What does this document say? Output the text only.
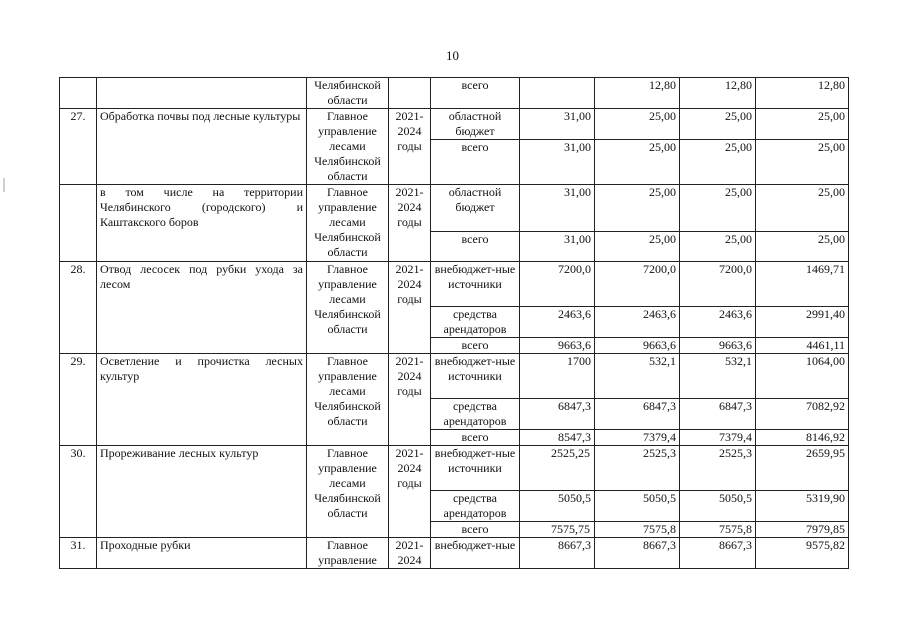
10
		Челябинской области		всего		12,80	12,80	12,80
27.	Обработка почвы под лесные культуры	Главное управление лесами Челябинской области	2021-2024 годы	областной бюджет	31,00	25,00	25,00	25,00
				всего	31,00	25,00	25,00	25,00
	в том числе на территории Челябинского (городского) и Каштакского боров	Главное управление лесами Челябинской области	2021-2024 годы	областной бюджет	31,00	25,00	25,00	25,00
				всего	31,00	25,00	25,00	25,00
28.	Отвод лесосек под рубки ухода за лесом	Главное управление лесами Челябинской области	2021-2024 годы	внебюджет-ные источники	7200,0	7200,0	7200,0	1469,71
				средства арендаторов	2463,6	2463,6	2463,6	2991,40
				всего	9663,6	9663,6	9663,6	4461,11
29.	Осветление и прочистка лесных культур	Главное управление лесами Челябинской области	2021-2024 годы	внебюджет-ные источники	1700	532,1	532,1	1064,00
				средства арендаторов	6847,3	6847,3	6847,3	7082,92
				всего	8547,3	7379,4	7379,4	8146,92
30.	Прореживание лесных культур	Главное управление лесами Челябинской области	2021-2024 годы	внебюджет-ные источники	2525,25	2525,3	2525,3	2659,95
				средства арендаторов	5050,5	5050,5	5050,5	5319,90
				всего	7575,75	7575,8	7575,8	7979,85
31.	Проходные рубки	Главное управление	2021-2024	внебюджет-ные	8667,3	8667,3	8667,3	9575,82
